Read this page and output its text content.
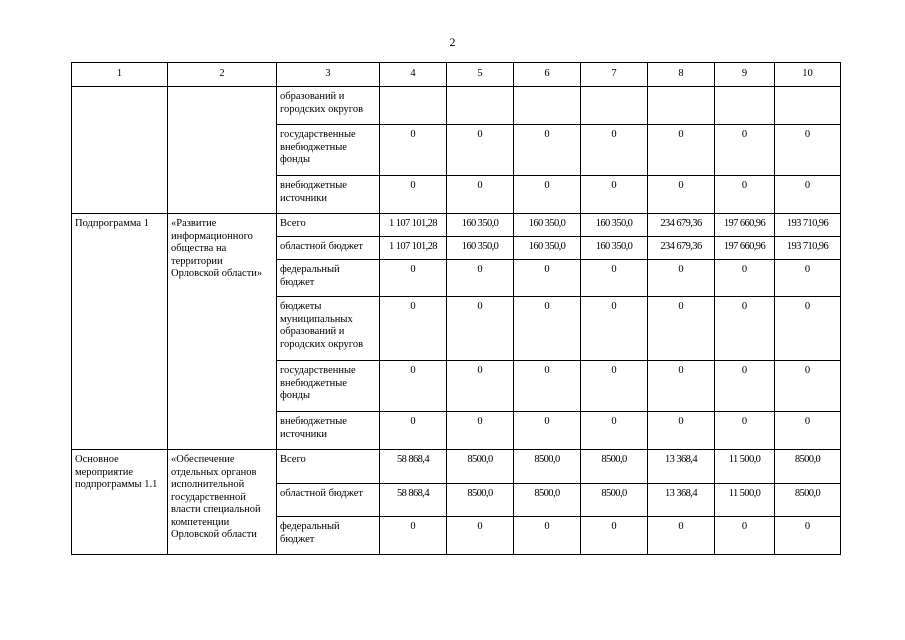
2
1	2	3	4	5	6	7	8	9	10
		образований и городских округов							
		государственные внебюджетные фонды	0	0	0	0	0	0	0
		внебюджетные источники	0	0	0	0	0	0	0
Подпрограмма 1	«Развитие информационного общества на территории Орловской области»	Всего	1 107 101,28	160 350,0	160 350,0	160 350,0	234 679,36	197 660,96	193 710,96
		областной бюджет	1 107 101,28	160 350,0	160 350,0	160 350,0	234 679,36	197 660,96	193 710,96
		федеральный бюджет	0	0	0	0	0	0	0
		бюджеты муниципальных образований и городских округов	0	0	0	0	0	0	0
		государственные внебюджетные фонды	0	0	0	0	0	0	0
		внебюджетные источники	0	0	0	0	0	0	0
Основное мероприятие подпрограммы 1.1	«Обеспечение отдельных органов исполнительной государственной власти специальной компетенции Орловской области	Всего	58 868,4	8500,0	8500,0	8500,0	13 368,4	11 500,0	8500,0
		областной бюджет	58 868,4	8500,0	8500,0	8500,0	13 368,4	11 500,0	8500,0
		федеральный бюджет	0	0	0	0	0	0	0
